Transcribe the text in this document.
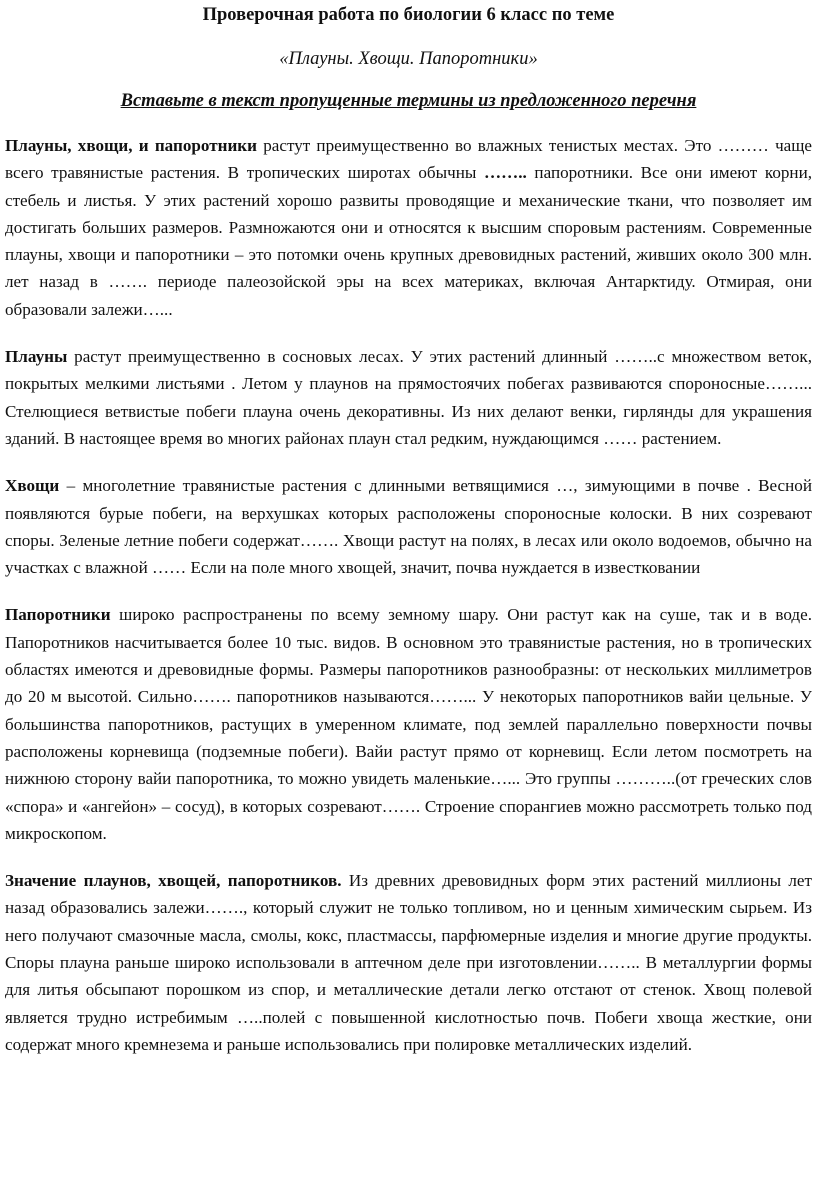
Проверочная работа по биологии 6 класс по теме

«Плауны. Хвощи. Папоротники»

Вставьте в текст пропущенные термины из предложенного перечня

Плауны, хвощи, и папоротники растут преимущественно во влажных тенистых местах. Это ……… чаще всего травянистые растения. В тропических широтах обычны …….. папоротники. Все они имеют корни, стебель и листья. У этих растений хорошо развиты проводящие и механические ткани, что позволяет им достигать больших размеров. Размножаются они и относятся к высшим споровым растениям. Современные плауны, хвощи и папоротники – это потомки очень крупных древовидных растений, живших около 300 млн. лет назад в ……. периоде палеозойской эры на всех материках, включая Антарктиду. Отмирая, они образовали залежи…...

Плауны растут преимущественно в сосновых лесах. У этих растений длинный ……..с множеством веток, покрытых мелкими листьями . Летом у плаунов на прямостоячих побегах развиваются спороносные……... Стелющиеся ветвистые побеги плауна очень декоративны. Из них делают венки, гирлянды для украшения зданий. В настоящее время во многих районах плаун стал редким, нуждающимся …… растением.

Хвощи – многолетние травянистые растения с длинными ветвящимися …, зимующими в почве . Весной появляются бурые побеги, на верхушках которых расположены спороносные колоски. В них созревают споры. Зеленые летние побеги содержат……. Хвощи растут на полях, в лесах или около водоемов, обычно на участках с влажной …… Если на поле много хвощей, значит, почва нуждается в известковании

Папоротники широко распространены по всему земному шару. Они растут как на суше, так и в воде. Папоротников насчитывается более 10 тыс. видов. В основном это травянистые растения, но в тропических областях имеются и древовидные формы. Размеры папоротников разнообразны: от нескольких миллиметров до 20 м высотой. Сильно……. папоротников называются……... У некоторых папоротников вайи цельные. У большинства папоротников, растущих в умеренном климате, под землей параллельно поверхности почвы расположены корневища (подземные побеги). Вайи растут прямо от корневищ. Если летом посмотреть на нижнюю сторону вайи папоротника, то можно увидеть маленькие…... Это группы ………..(от греческих слов «спора» и «ангейон» – сосуд), в которых созревают……. Строение спорангиев можно рассмотреть только под микроскопом.

Значение плаунов, хвощей, папоротников. Из древних древовидных форм этих растений миллионы лет назад образовались залежи……., который служит не только топливом, но и ценным химическим сырьем. Из него получают смазочные масла, смолы, кокс, пластмассы, парфюмерные изделия и многие другие продукты. Споры плауна раньше широко использовали в аптечном деле при изготовлении…….. В металлургии формы для литья обсыпают порошком из спор, и металлические детали легко отстают от стенок. Хвощ полевой является трудно истребимым …..полей с повышенной кислотностью почв. Побеги хвоща жесткие, они содержат много кремнезема и раньше использовались при полировке металлических изделий.
